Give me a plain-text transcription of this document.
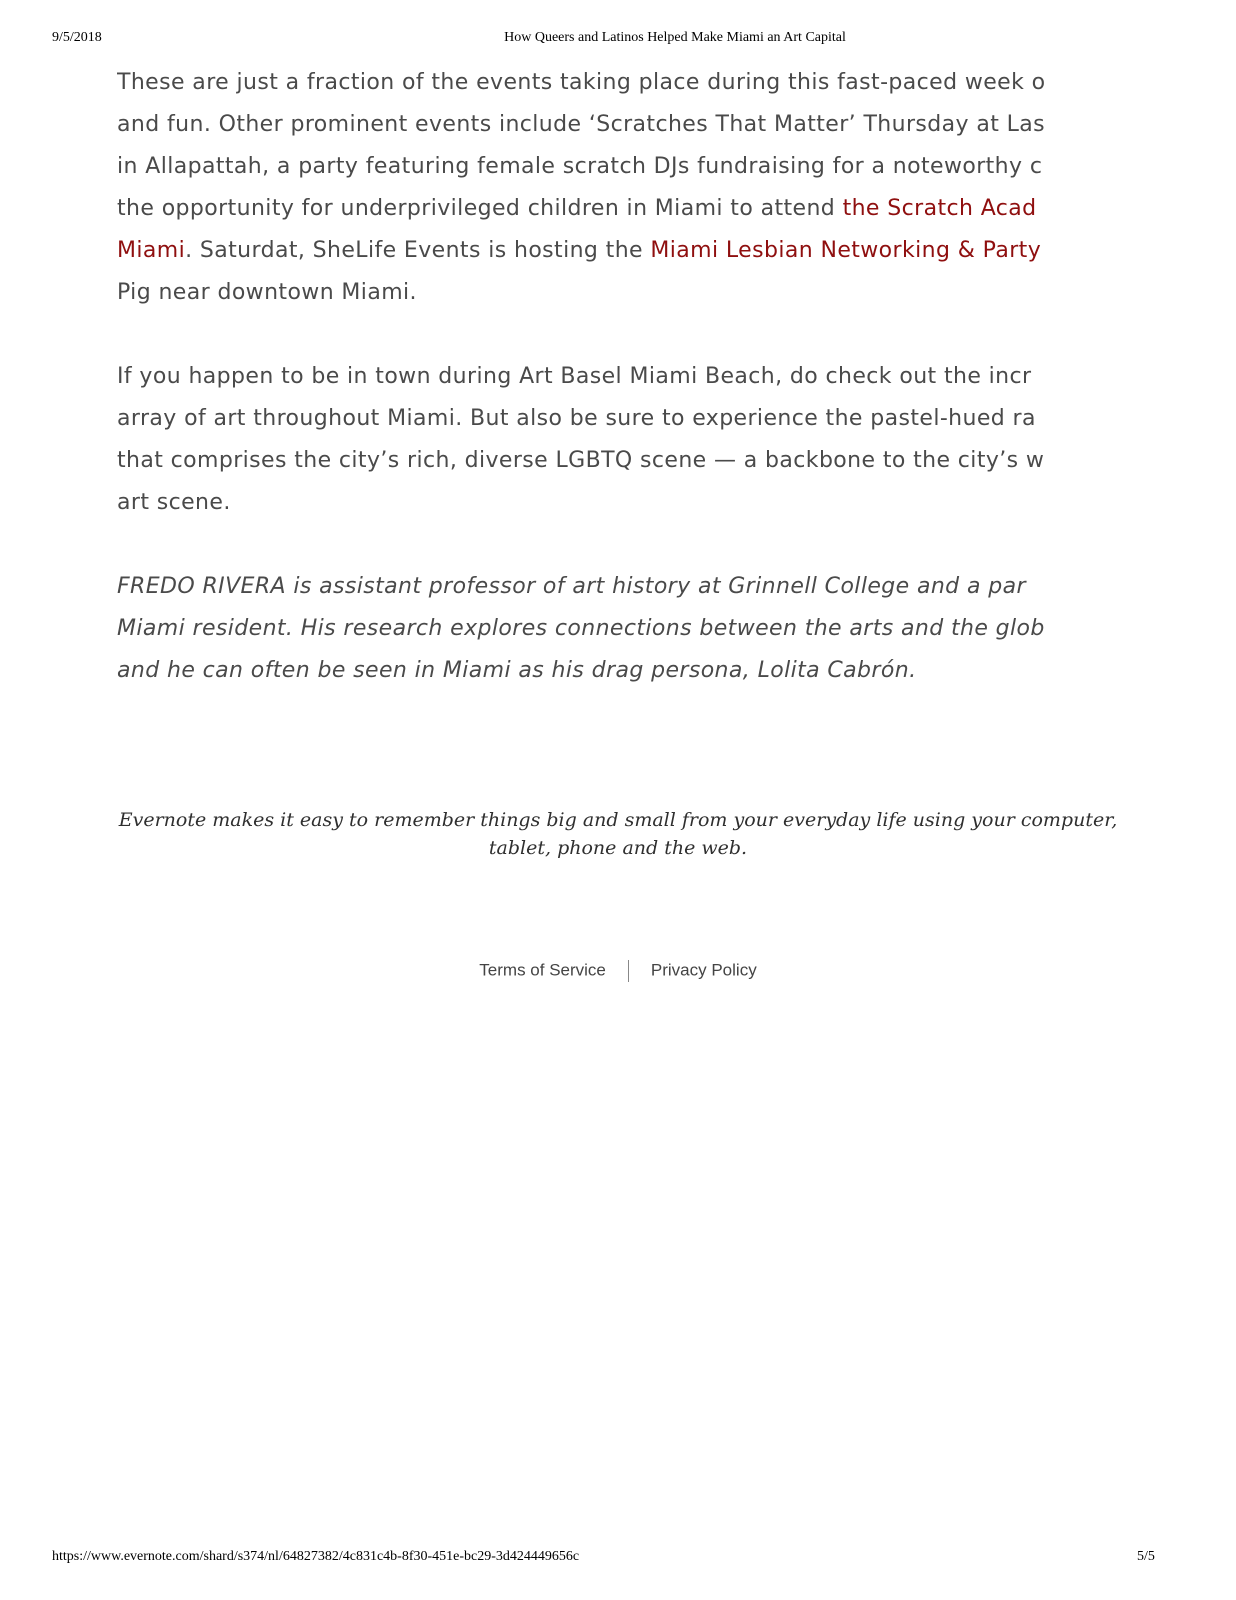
9/5/2018	How Queers and Latinos Helped Make Miami an Art Capital
These are just a fraction of the events taking place during this fast-paced week o
and fun. Other prominent events include ‘Scratches That Matter’ Thursday at Las
in Allapattah, a party featuring female scratch DJs fundraising for a noteworthy c
the opportunity for underprivileged children in Miami to attend the Scratch Acad
Miami. Saturdat, SheLife Events is hosting the Miami Lesbian Networking & Party
Pig near downtown Miami.
If you happen to be in town during Art Basel Miami Beach, do check out the incr
array of art throughout Miami. But also be sure to experience the pastel-hued ra
that comprises the city’s rich, diverse LGBTQ scene — a backbone to the city’s w
art scene.
FREDO RIVERA is assistant professor of art history at Grinnell College and a par
Miami resident. His research explores connections between the arts and the glob
and he can often be seen in Miami as his drag persona, Lolita Cabrón.
Evernote makes it easy to remember things big and small from your everyday life using your computer,
tablet, phone and the web.
Terms of Service	Privacy Policy
https://www.evernote.com/shard/s374/nl/64827382/4c831c4b-8f30-451e-bc29-3d424449656c	5/5
